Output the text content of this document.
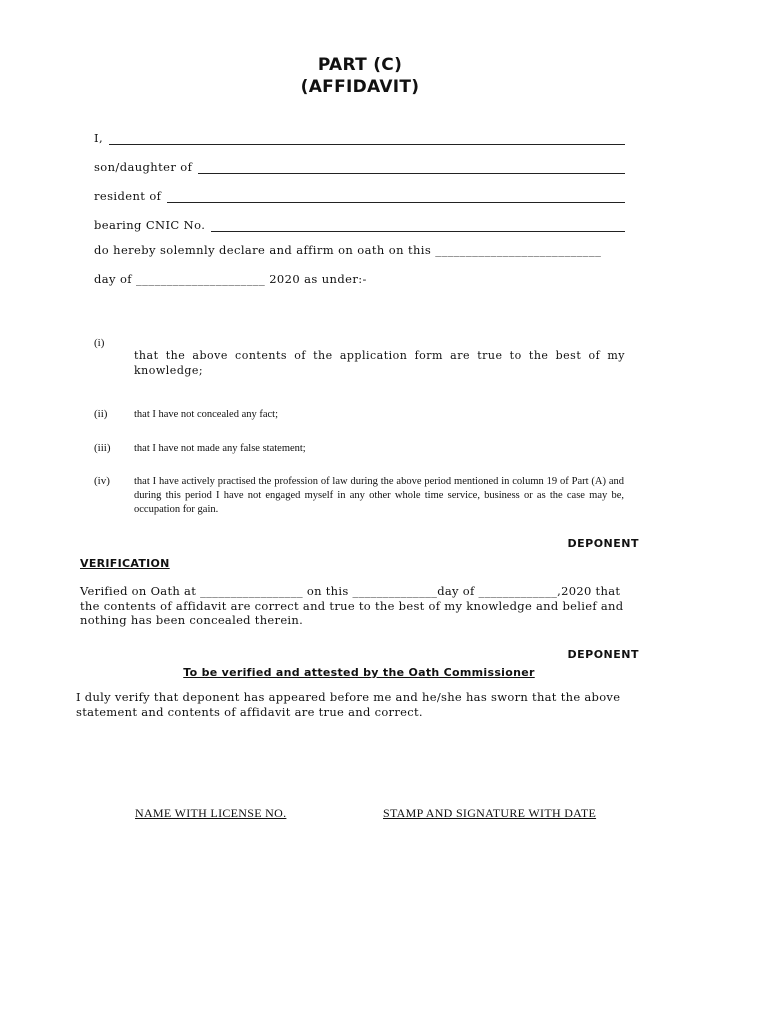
PART (C)
(AFFIDAVIT)
I,
son/daughter of
resident of
bearing CNIC No.
do hereby solemnly declare and affirm on oath on this ___________________________
day of _____________________ 2020 as under:-
(i)
that the above contents of the application form are true to the best of my knowledge;
(ii)	that I have not concealed any fact;
(iii) that I have not made any false statement;
(iv) that I have actively practised the profession of law during the above period mentioned in column 19 of Part (A) and during this period I have not engaged myself in any other whole time service, business or as the case may be, occupation for gain.
DEPONENT
VERIFICATION
Verified on Oath at _________________ on this ______________day of _____________,2020 that the contents of affidavit are correct and true to the best of my knowledge and belief and nothing has been concealed therein.
DEPONENT
To be verified and attested by the Oath Commissioner
I duly verify that deponent has appeared before me and he/she has sworn that the above statement and contents of affidavit are true and correct.
NAME WITH LICENSE NO.	STAMP AND SIGNATURE WITH DATE
